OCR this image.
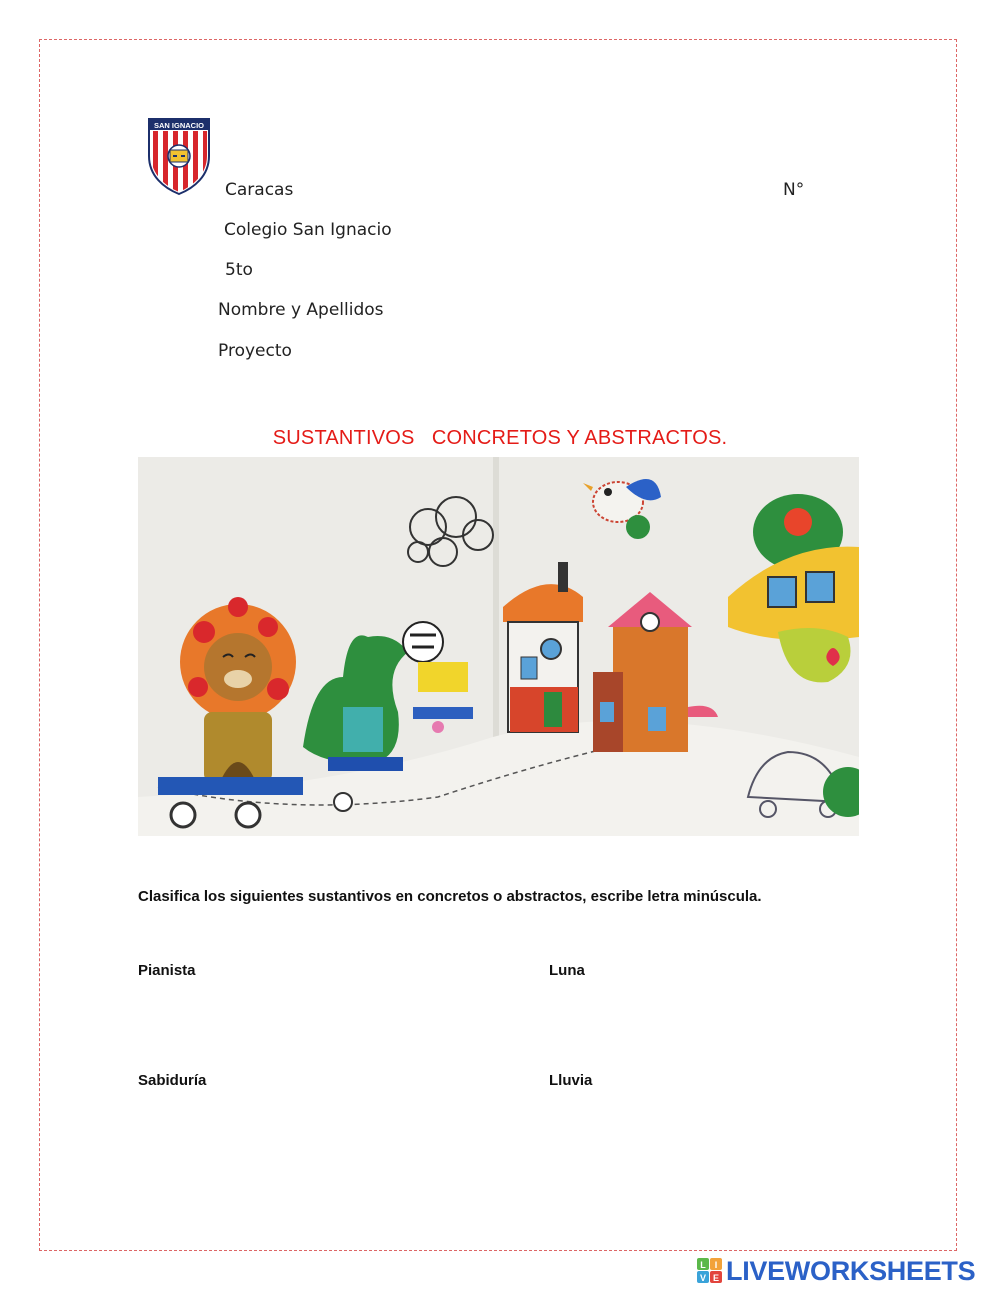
SAN IGNACIO
Caracas	N°
Colegio San Ignacio
5to
Nombre y Apellidos
Proyecto
SUSTANTIVOS   CONCRETOS Y ABSTRACTOS.
Clasifica los siguientes sustantivos en concretos o abstractos, escribe letra minúscula.
Pianista	Luna
Sabiduría	Lluvia
L I
V E LIVEWORKSHEETS
